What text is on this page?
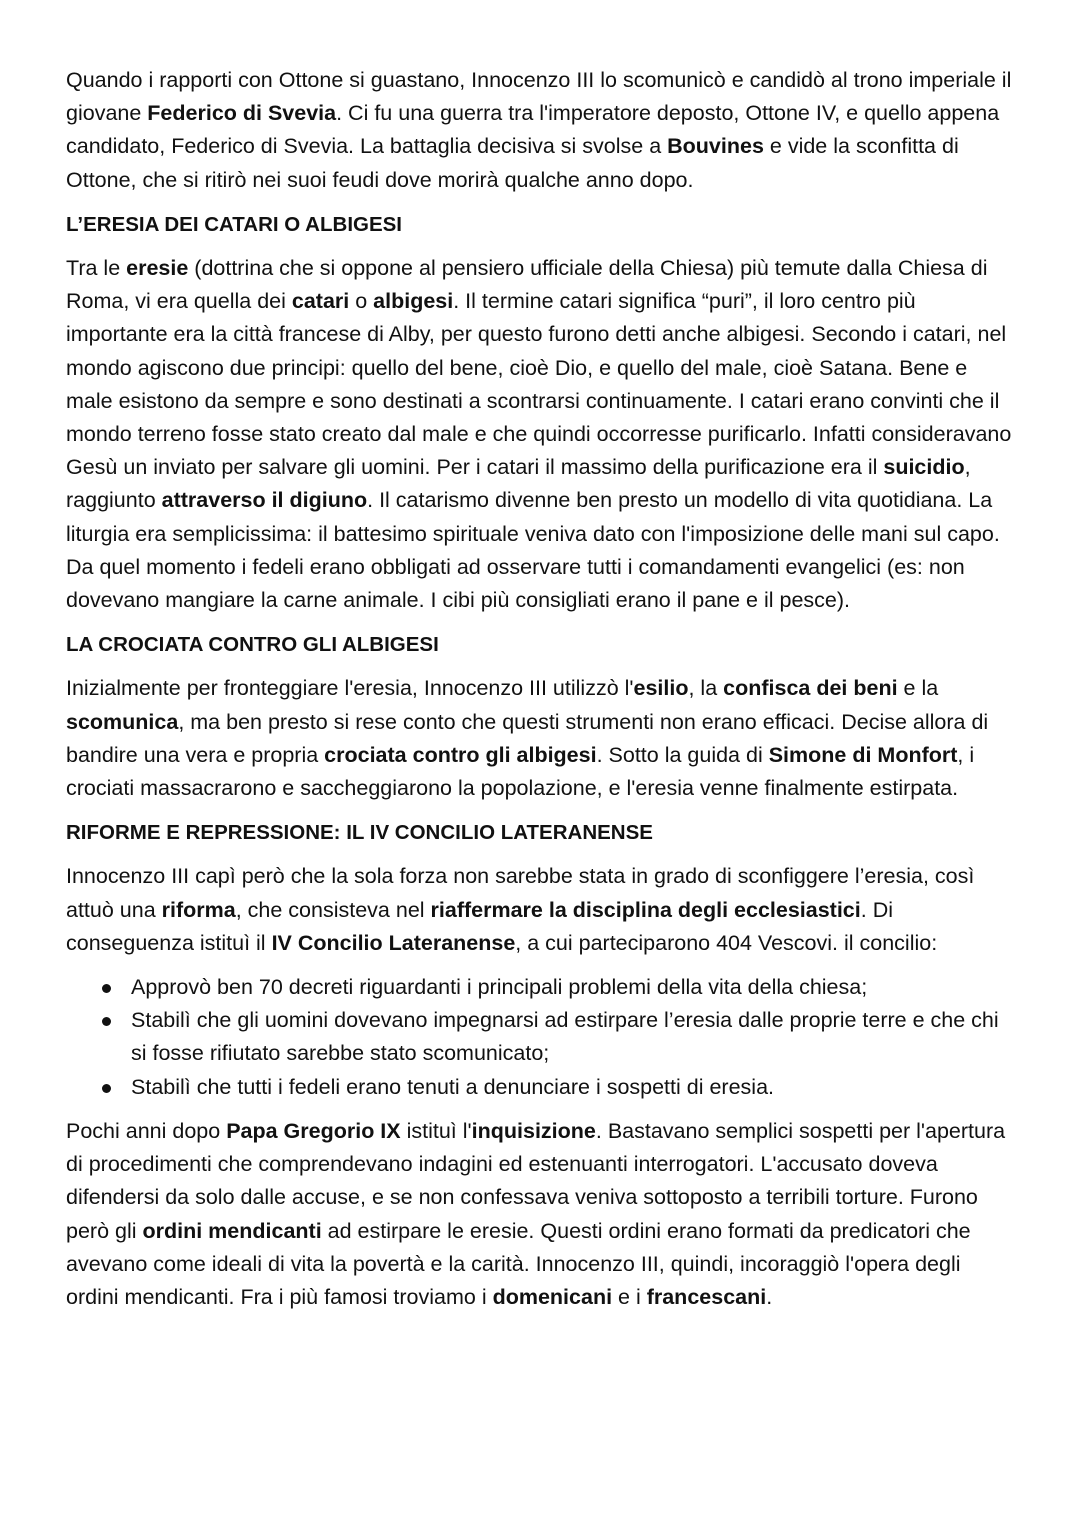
Quando i rapporti con Ottone si guastano, Innocenzo III lo scomunicò e candidò al trono imperiale il giovane Federico di Svevia. Ci fu una guerra tra l'imperatore deposto, Ottone IV, e quello appena candidato, Federico di Svevia. La battaglia decisiva si svolse a Bouvines e vide la sconfitta di Ottone, che si ritirò nei suoi feudi dove morirà qualche anno dopo.

L’ERESIA DEI CATARI O ALBIGESI

Tra le eresie (dottrina che si oppone al pensiero ufficiale della Chiesa) più temute dalla Chiesa di Roma, vi era quella dei catari o albigesi. Il termine catari significa “puri”, il loro centro più importante era la città francese di Alby, per questo furono detti anche albigesi. Secondo i catari, nel mondo agiscono due principi: quello del bene, cioè Dio, e quello del male, cioè Satana. Bene e male esistono da sempre e sono destinati a scontrarsi continuamente. I catari erano convinti che il mondo terreno fosse stato creato dal male e che quindi occorresse purificarlo. Infatti consideravano Gesù un inviato per salvare gli uomini. Per i catari il massimo della purificazione era il suicidio, raggiunto attraverso il digiuno. Il catarismo divenne ben presto un modello di vita quotidiana. La liturgia era semplicissima: il battesimo spirituale veniva dato con l'imposizione delle mani sul capo. Da quel momento i fedeli erano obbligati ad osservare tutti i comandamenti evangelici (es: non dovevano mangiare la carne animale. I cibi più consigliati erano il pane e il pesce).

LA CROCIATA CONTRO GLI ALBIGESI

Inizialmente per fronteggiare l'eresia, Innocenzo III utilizzò l'esilio, la confisca dei beni e la scomunica, ma ben presto si rese conto che questi strumenti non erano efficaci. Decise allora di bandire una vera e propria crociata contro gli albigesi. Sotto la guida di Simone di Monfort, i crociati massacrarono e saccheggiarono la popolazione, e l'eresia venne finalmente estirpata.

RIFORME E REPRESSIONE: IL IV CONCILIO LATERANENSE

Innocenzo III capì però che la sola forza non sarebbe stata in grado di sconfiggere l’eresia, così attuò una riforma, che consisteva nel riaffermare la disciplina degli ecclesiastici. Di conseguenza istituì il IV Concilio Lateranense, a cui parteciparono 404 Vescovi. il concilio:

Approvò ben 70 decreti riguardanti i principali problemi della vita della chiesa;
Stabilì che gli uomini dovevano impegnarsi ad estirpare l’eresia dalle proprie terre e che chi si fosse rifiutato sarebbe stato scomunicato;
Stabilì che tutti i fedeli erano tenuti a denunciare i sospetti di eresia.

Pochi anni dopo Papa Gregorio IX istituì l'inquisizione. Bastavano semplici sospetti per l'apertura di procedimenti che comprendevano indagini ed estenuanti interrogatori. L'accusato doveva difendersi da solo dalle accuse, e se non confessava veniva sottoposto a terribili torture. Furono però gli ordini mendicanti ad estirpare le eresie. Questi ordini erano formati da predicatori che avevano come ideali di vita la povertà e la carità. Innocenzo III, quindi, incoraggiò l'opera degli ordini mendicanti. Fra i più famosi troviamo i domenicani e i francescani.
